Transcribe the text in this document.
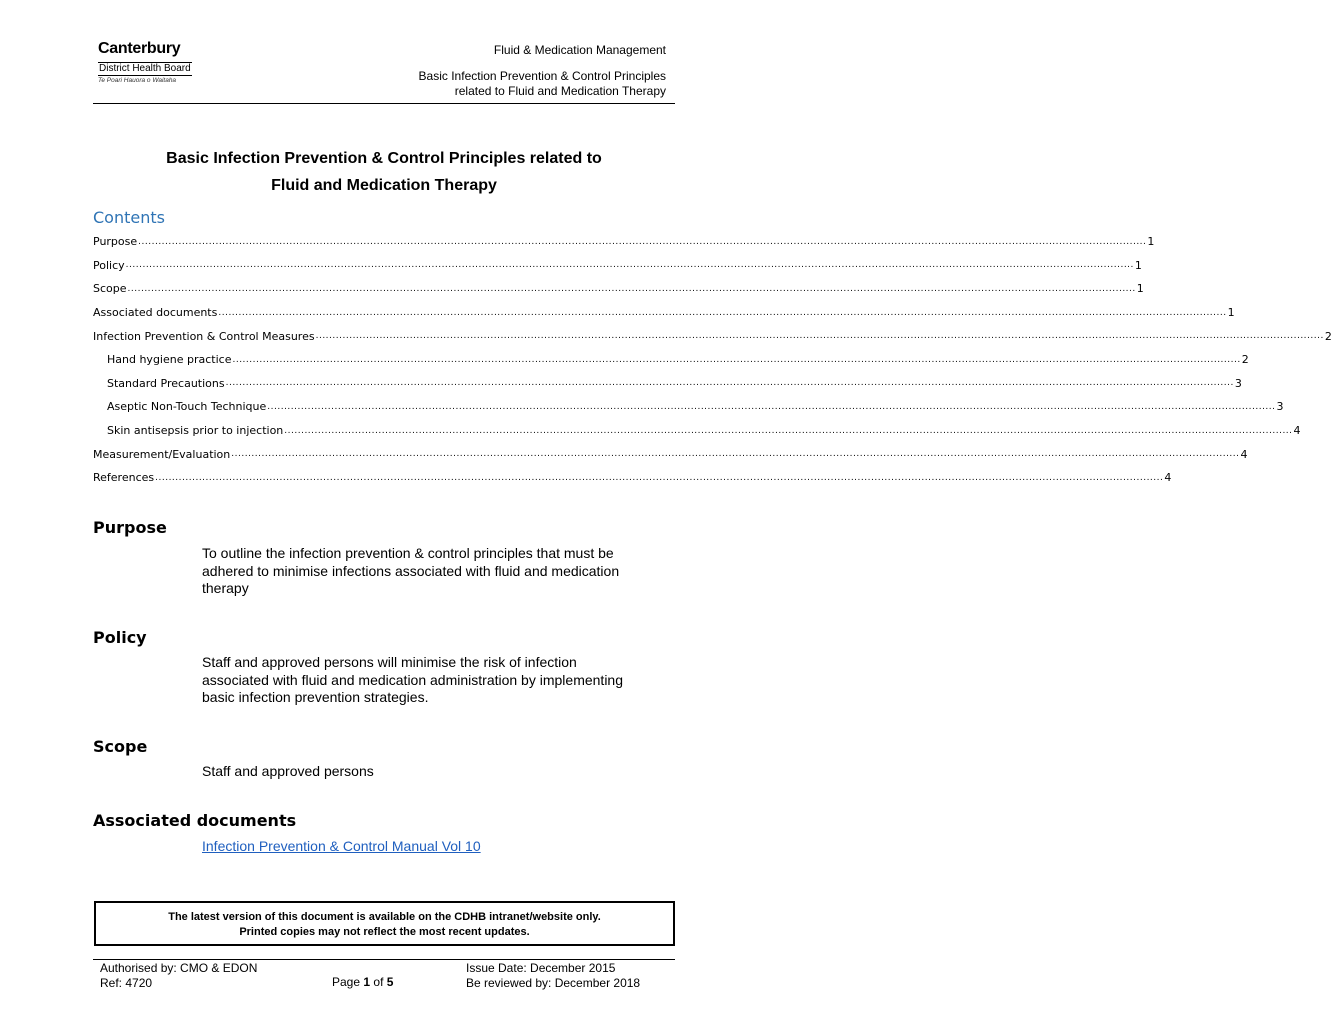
Canterbury
District Health Board
Te Poari Hauora o Waitaha
Fluid & Medication Management
Basic Infection Prevention & Control Principles
related to Fluid and Medication Therapy
Basic Infection Prevention & Control Principles related to
Fluid and Medication Therapy
Contents
Purpose ............................................................................................................................................................................................................................................................................................................ 1
Policy ............................................................................................................................................................................................................................................................................................................ 1
Scope ............................................................................................................................................................................................................................................................................................................ 1
Associated documents ............................................................................................................................................................................................................................................................................................................ 1
Infection Prevention & Control Measures ............................................................................................................................................................................................................................................................................................................ 2
Hand hygiene practice ............................................................................................................................................................................................................................................................................................................ 2
Standard Precautions ............................................................................................................................................................................................................................................................................................................ 3
Aseptic Non-Touch Technique ............................................................................................................................................................................................................................................................................................................ 3
Skin antisepsis prior to injection ............................................................................................................................................................................................................................................................................................................ 4
Measurement/Evaluation ............................................................................................................................................................................................................................................................................................................ 4
References ............................................................................................................................................................................................................................................................................................................ 4
Purpose
To outline the infection prevention & control principles that must be
adhered to minimise infections associated with fluid and medication
therapy
Policy
Staff and approved persons will minimise the risk of infection
associated with fluid and medication administration by implementing
basic infection prevention strategies.
Scope
Staff and approved persons
Associated documents
Infection Prevention & Control Manual Vol 10
The latest version of this document is available on the CDHB intranet/website only.
Printed copies may not reflect the most recent updates.
Authorised by: CMO & EDON
Ref: 4720	Page 1 of 5
Issue Date: December 2015
Be reviewed by: December 2018
